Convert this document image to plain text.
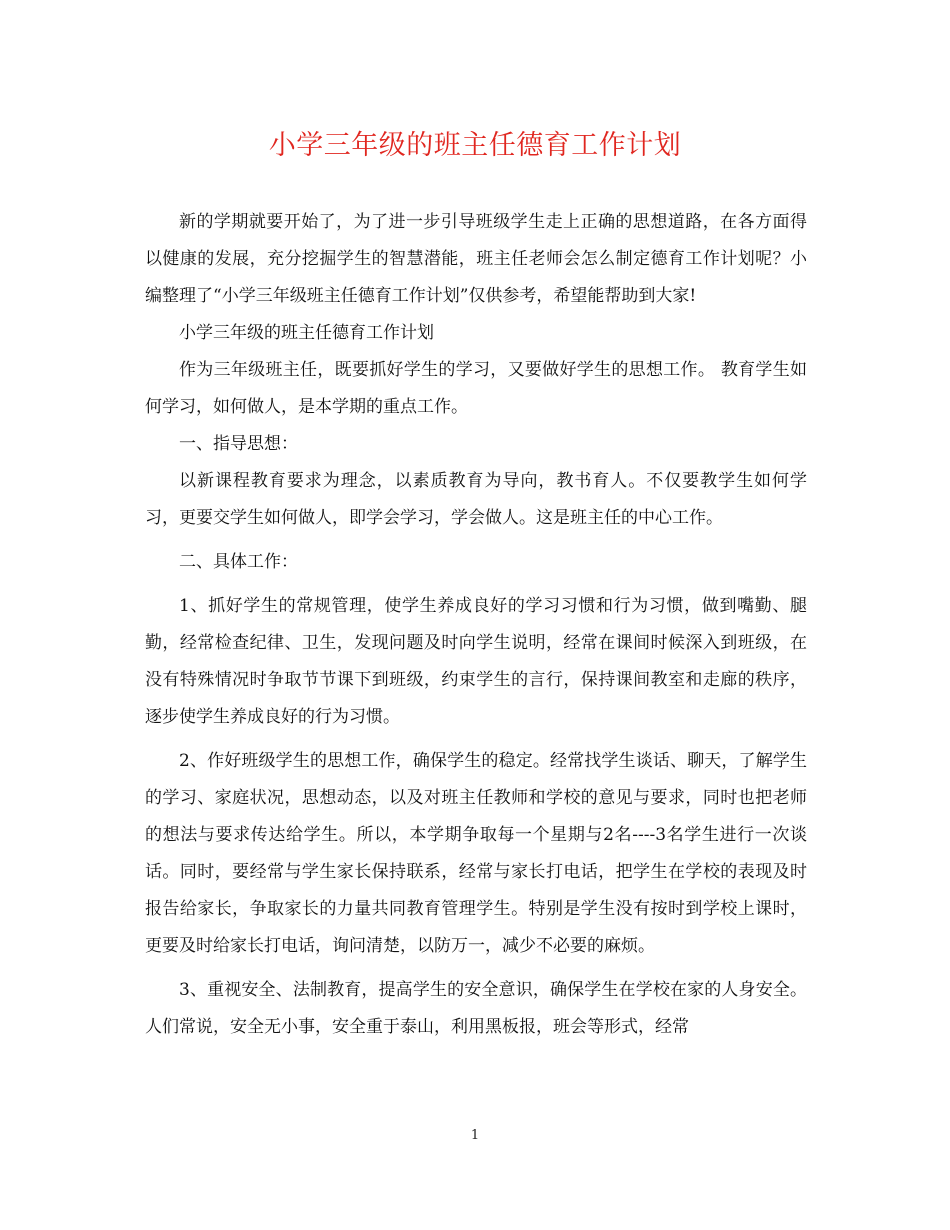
小学三年级的班主任德育工作计划

新的学期就要开始了，为了进一步引导班级学生走上正确的思想道路，在各方面得以健康的发展，充分挖掘学生的智慧潜能，班主任老师会怎么制定德育工作计划呢？小编整理了“小学三年级班主任德育工作计划”仅供参考，希望能帮助到大家!

小学三年级的班主任德育工作计划

作为三年级班主任，既要抓好学生的学习，又要做好学生的思想工作。 教育学生如何学习，如何做人，是本学期的重点工作。

一、指导思想：

以新课程教育要求为理念，以素质教育为导向，教书育人。不仅要教学生如何学习，更要交学生如何做人，即学会学习，学会做人。这是班主任的中心工作。

二、具体工作：

1、抓好学生的常规管理，使学生养成良好的学习习惯和行为习惯，做到嘴勤、腿勤，经常检查纪律、卫生，发现问题及时向学生说明，经常在课间时候深入到班级，在没有特殊情况时争取节节课下到班级，约束学生的言行，保持课间教室和走廊的秩序，逐步使学生养成良好的行为习惯。

2、作好班级学生的思想工作，确保学生的稳定。经常找学生谈话、聊天，了解学生的学习、家庭状况，思想动态，以及对班主任教师和学校的意见与要求，同时也把老师的想法与要求传达给学生。所以，本学期争取每一个星期与2名----3名学生进行一次谈话。同时，要经常与学生家长保持联系，经常与家长打电话，把学生在学校的表现及时报告给家长，争取家长的力量共同教育管理学生。特别是学生没有按时到学校上课时，更要及时给家长打电话，询问清楚，以防万一，减少不必要的麻烦。

3、重视安全、法制教育，提高学生的安全意识，确保学生在学校在家的人身安全。人们常说，安全无小事，安全重于泰山，利用黑板报，班会等形式，经常

1
